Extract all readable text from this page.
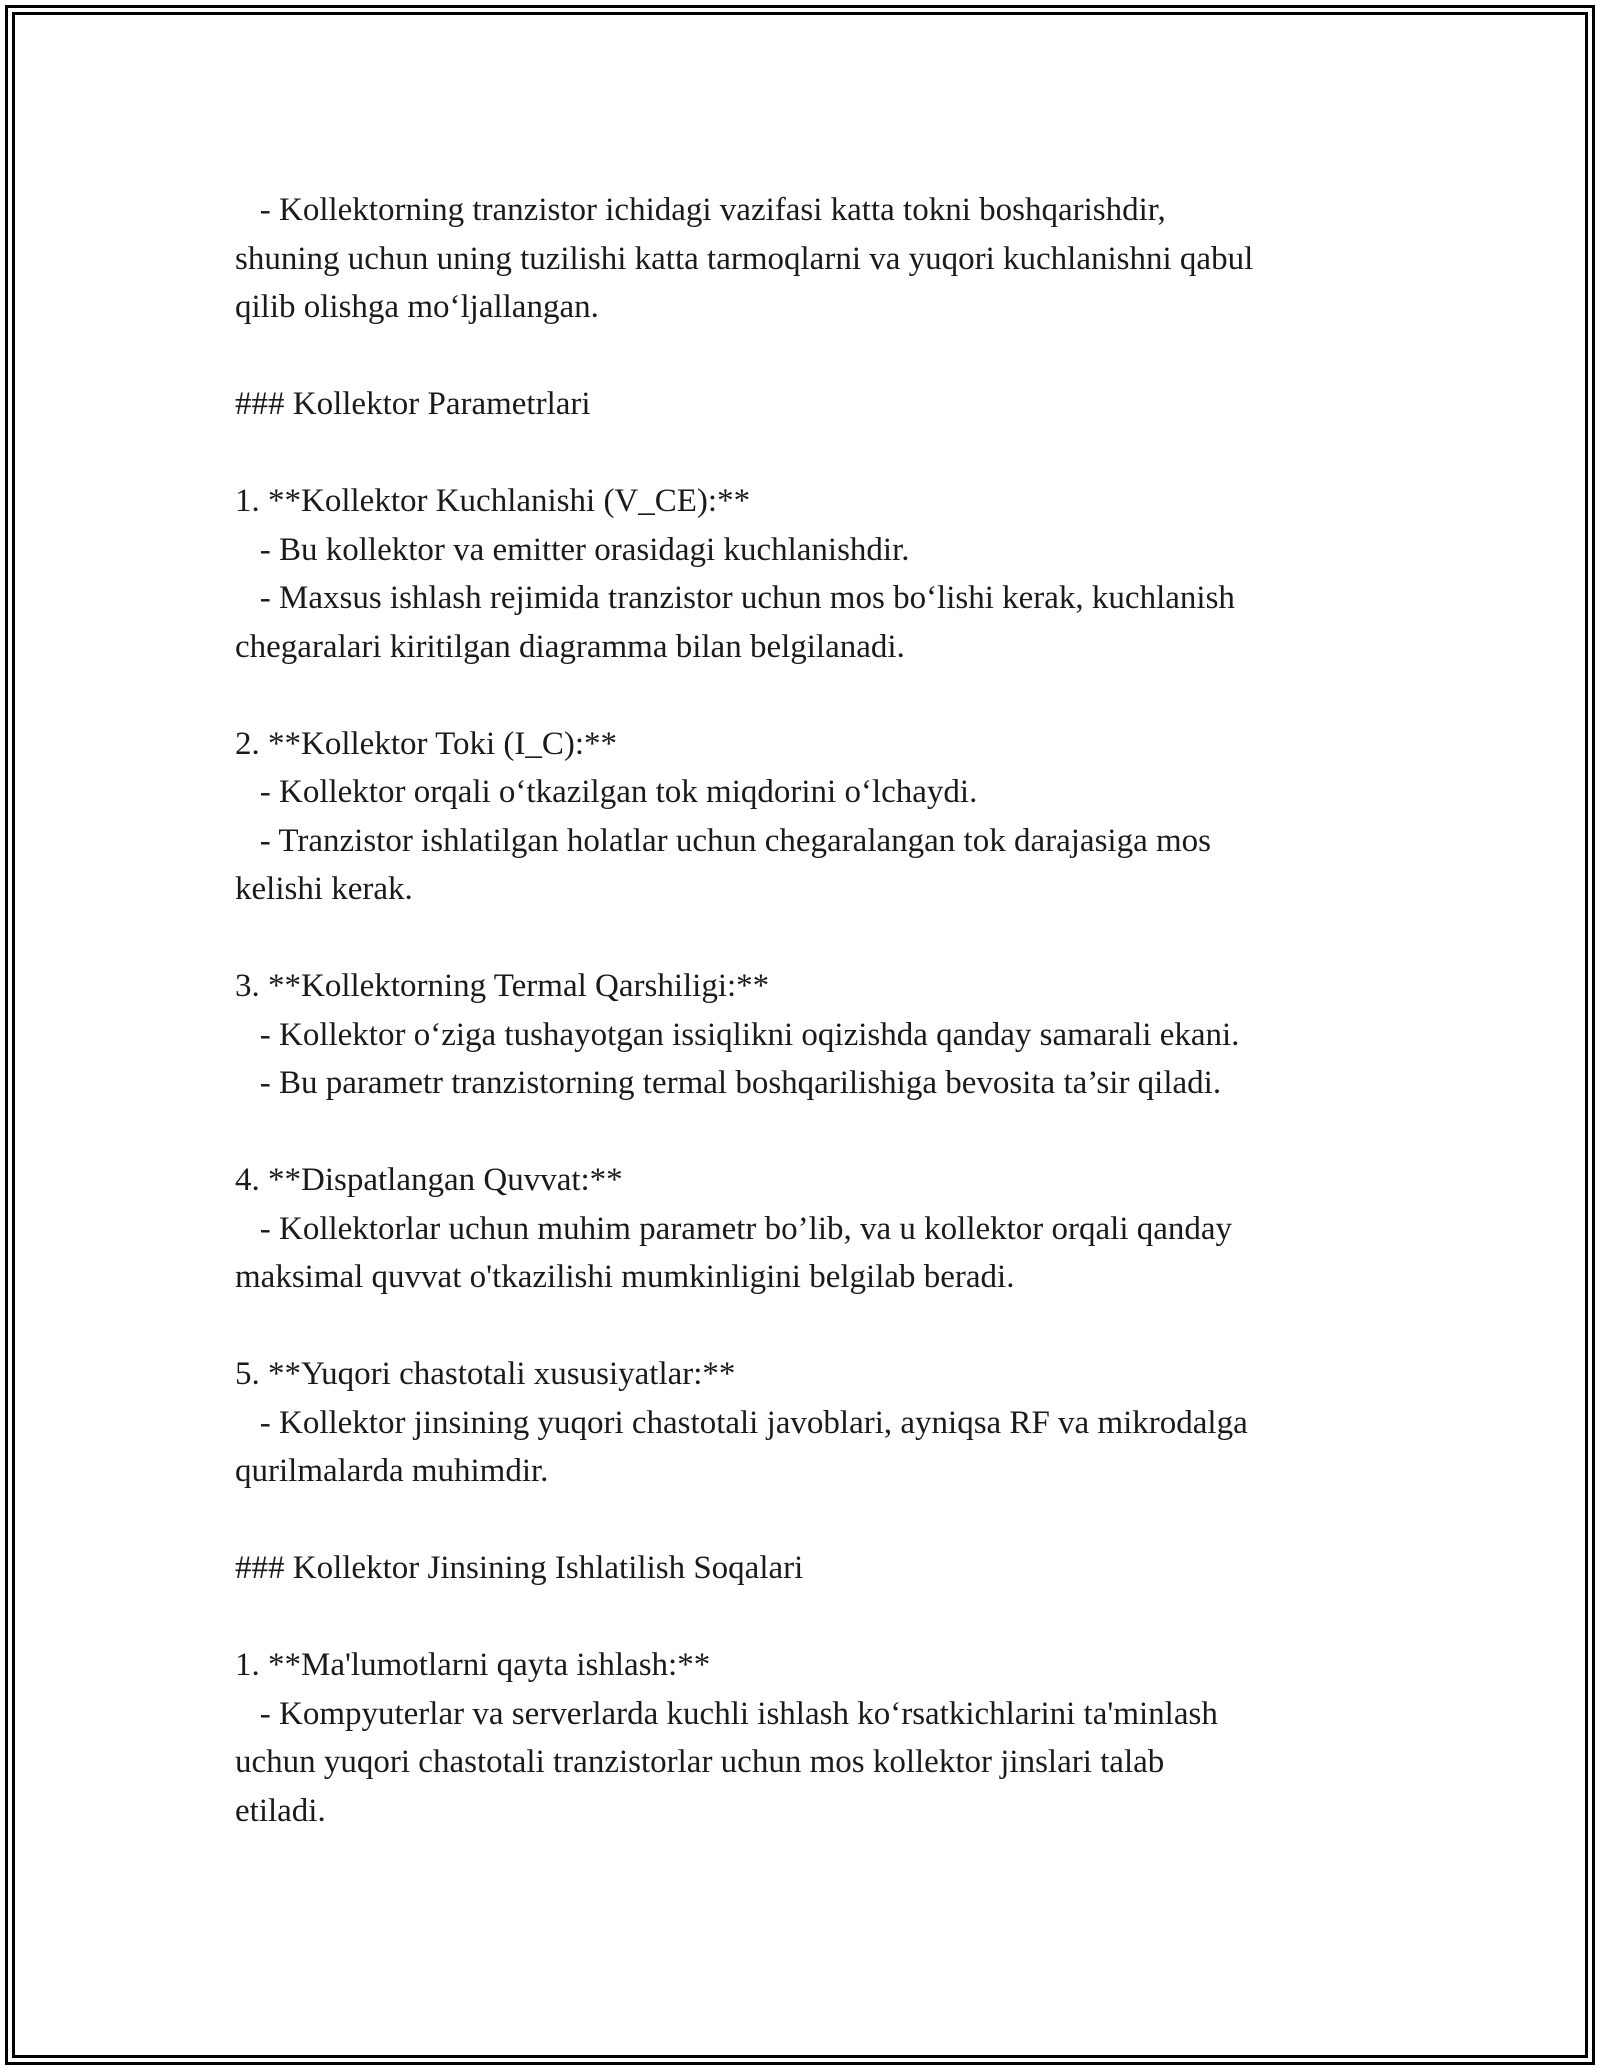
- Kollektorning tranzistor ichidagi vazifasi katta tokni boshqarishdir,
shuning uchun uning tuzilishi katta tarmoqlarni va yuqori kuchlanishni qabul
qilib olishga mo‘ljallangan.
### Kollektor Parametrlari
1. **Kollektor Kuchlanishi (V_CE):**
- Bu kollektor va emitter orasidagi kuchlanishdir.
- Maxsus ishlash rejimida tranzistor uchun mos bo‘lishi kerak, kuchlanish
chegaralari kiritilgan diagramma bilan belgilanadi.
2. **Kollektor Toki (I_C):**
- Kollektor orqali o‘tkazilgan tok miqdorini o‘lchaydi.
- Tranzistor ishlatilgan holatlar uchun chegaralangan tok darajasiga mos
kelishi kerak.
3. **Kollektorning Termal Qarshiligi:**
- Kollektor o‘ziga tushayotgan issiqlikni oqizishda qanday samarali ekani.
- Bu parametr tranzistorning termal boshqarilishiga bevosita ta’sir qiladi.
4. **Dispatlangan Quvvat:**
- Kollektorlar uchun muhim parametr bo’lib, va u kollektor orqali qanday
maksimal quvvat o'tkazilishi mumkinligini belgilab beradi.
5. **Yuqori chastotali xususiyatlar:**
- Kollektor jinsining yuqori chastotali javoblari, ayniqsa RF va mikrodalga
qurilmalarda muhimdir.
### Kollektor Jinsining Ishlatilish Soqalari
1. **Ma'lumotlarni qayta ishlash:**
- Kompyuterlar va serverlarda kuchli ishlash ko‘rsatkichlarini ta'minlash
uchun yuqori chastotali tranzistorlar uchun mos kollektor jinslari talab
etiladi.
